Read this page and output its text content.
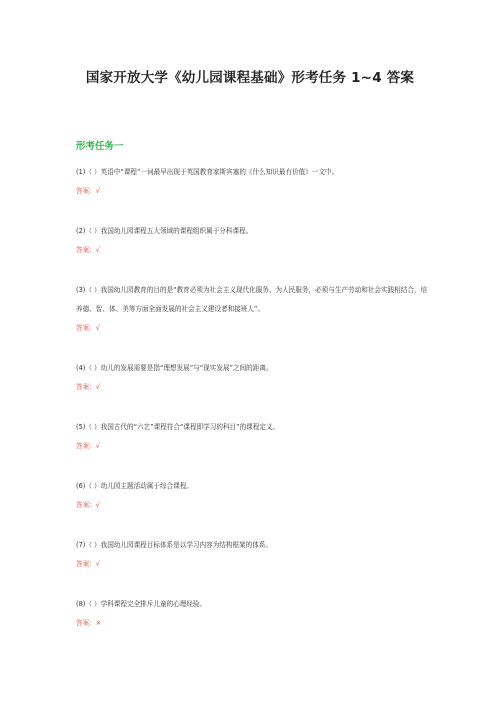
国家开放大学《幼儿园课程基础》形考任务 1~4 答案
形考任务一

(1)（ ）英语中“课程”一词最早出现于英国教育家斯宾塞的《什么知识最有价值》一文中。

答案：√

(2)（ ）我国幼儿园课程五大领域的课程组织属于分科课程。

答案：√

(3)（ ）我国幼儿园教育的目的是“教育必须为社会主义现代化服务、为人民服务，必须与生产劳动和社会实践相结合，培养德、智、体、美等方面全面发展的社会主义建设者和接班人”。

答案：√

(4)（ ）幼儿的发展需要是指“理想发展”与“现实发展”之间的距离。

答案：√

(5)（ ）我国古代的“六艺”课程符合“课程即学习的科目”的课程定义。

答案：√

(6)（ ）幼儿园主题活动属于综合课程。

答案：√

(7)（ ）我国幼儿园课程目标体系是以学习内容为结构框架的体系。

答案：√

(8)（ ）学科课程完全排斥儿童的心理经验。

答案：×
